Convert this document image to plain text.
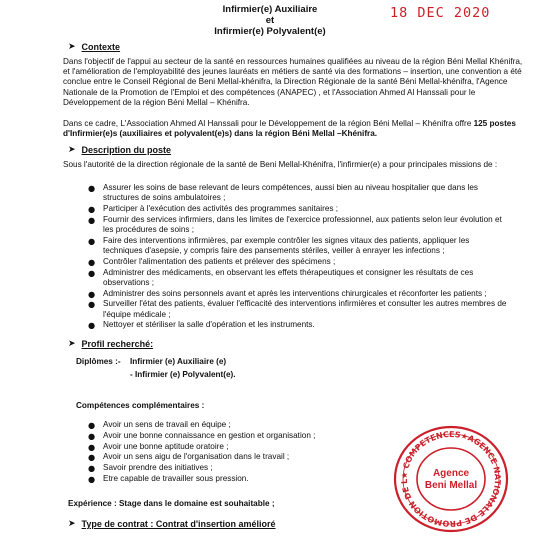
Infirmier(e) Auxiliaire
et
Infirmier(e) Polyvalent(e)
18 DEC 2020
➤ Contexte
Dans l'objectif de l'appui au secteur de la santé en ressources humaines qualifiées au niveau de la région Béni Mellal Khénifra, et l'amélioration de l'employabilité des jeunes lauréats en métiers de santé via des formations – insertion, une convention a été conclue entre le Conseil Régional de Beni Mellal-khénifra, la Direction Régionale de la santé Béni Mellal-khénifra, l'Agence Nationale de la Promotion de l'Emploi et des compétences (ANAPEC) , et l'Association Ahmed Al Hanssali pour le Développement de la région Béni Mellal – Khénifra.
Dans ce cadre, L'Association Ahmed Al Hanssali pour le Développement de la région Béni Mellal – Khénifra offre 125 postes d'Infirmier(e)s (auxiliaires et polyvalent(e)s) dans la région Béni Mellal –Khénifra.
➤ Description du poste
Sous l'autorité de la direction régionale de la santé de Beni Mellal-Khénifra, l'infirmier(e) a pour principales missions de :
● Assurer les soins de base relevant de leurs compétences, aussi bien au niveau hospitalier que dans les structures de soins ambulatoires ;
● Participer à l'exécution des activités des programmes sanitaires ;
● Fournir des services infirmiers, dans les limites de l'exercice professionnel, aux patients selon leur évolution et les procédures de soins ;
● Faire des interventions infirmières, par exemple contrôler les signes vitaux des patients, appliquer les techniques d'asepsie, y compris faire des pansements stériles, veiller à enrayer les infections ;
● Contrôler l'alimentation des patients et prélever des spécimens ;
● Administrer des médicaments, en observant les effets thérapeutiques et consigner les résultats de ces observations ;
● Administrer des soins personnels avant et après les interventions chirurgicales et réconforter les patients ;
● Surveiller l'état des patients, évaluer l'efficacité des interventions infirmières et consulter les autres membres de l'équipe médicale ;
● Nettoyer et stériliser la salle d'opération et les instruments.
➤ Profil recherché:
Diplômes :- Infirmier (e) Auxiliaire (e)
- Infirmier (e) Polyvalent(e).
Compétences complémentaires :
● Avoir un sens de travail en équipe ;
● Avoir une bonne connaissance en gestion et organisation ;
● Avoir une bonne aptitude oratoire ;
● Avoir un sens aigu de l'organisation dans le travail ;
● Savoir prendre des initiatives ;
● Etre capable de travailler sous pression.
Expérience : Stage dans le domaine est souhaitable ;
➤ Type de contrat : Contrat d'insertion amélioré
★ COMPETENCES★AGENCE NATIONALE DE PROMOTION DE L
Agence
Beni Mellal
